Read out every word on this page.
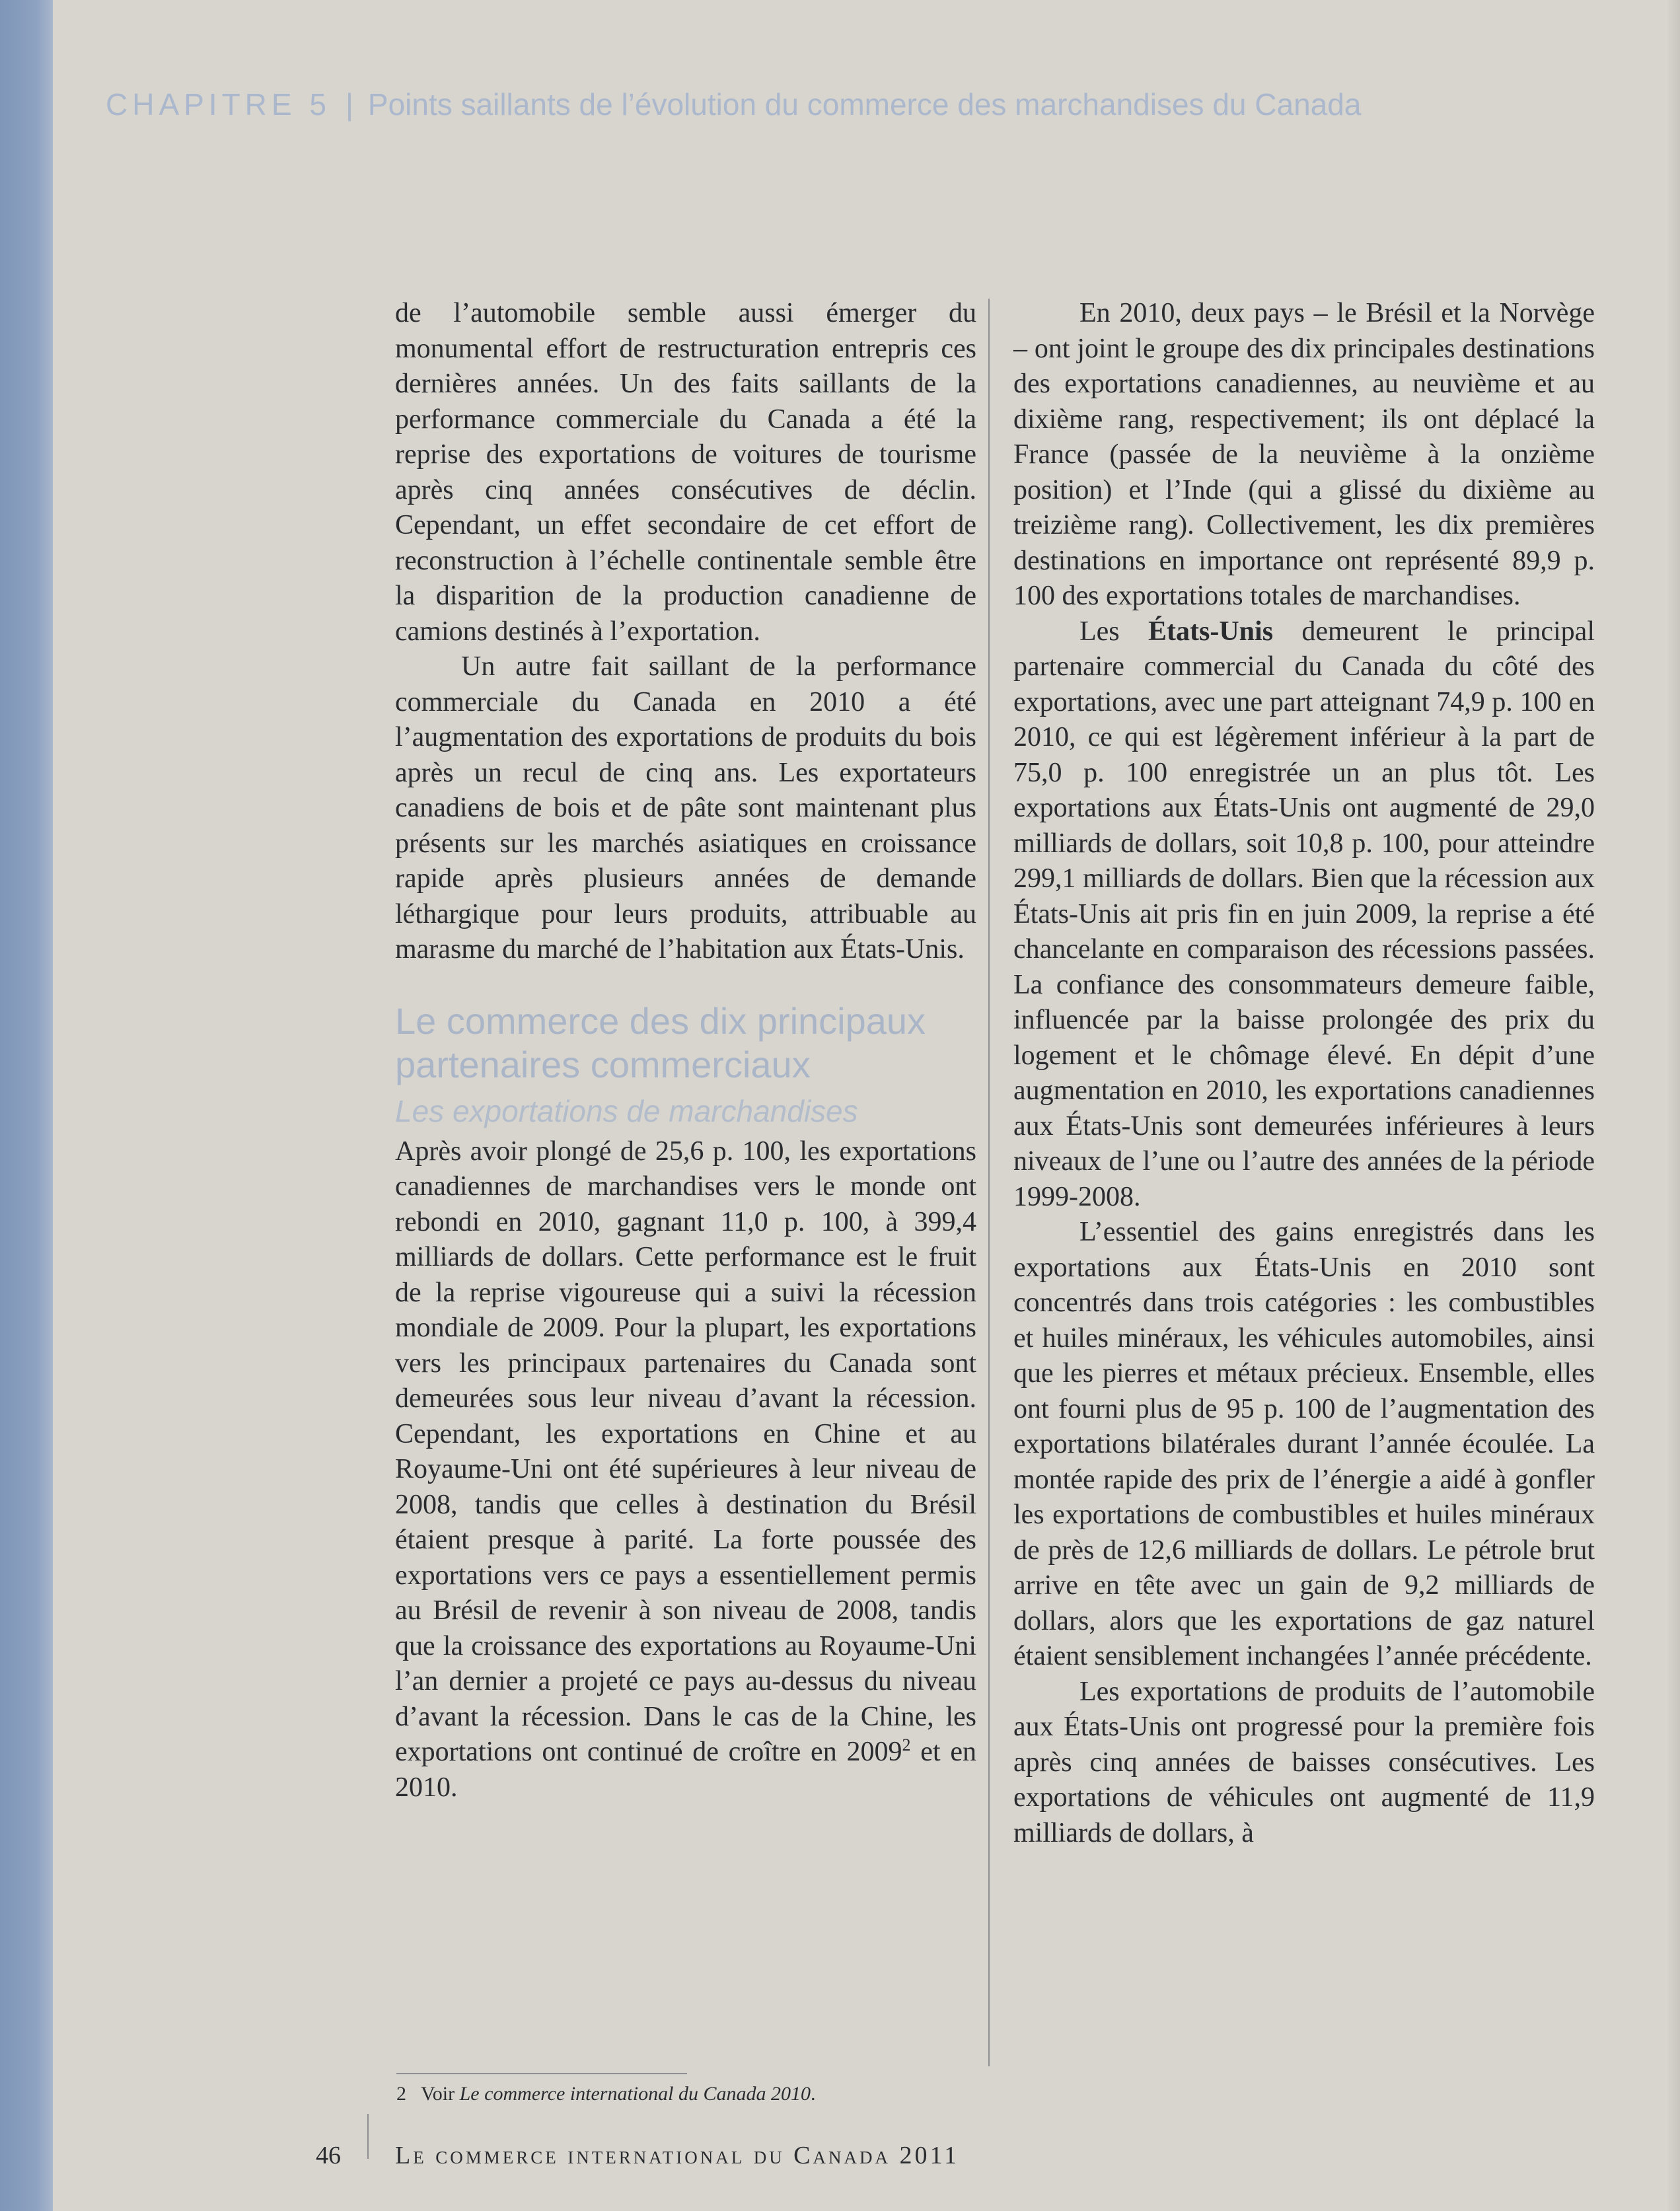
CHAPITRE 5 | Points saillants de l’évolution du commerce des marchandises du Canada

de l’automobile semble aussi émerger du monumental effort de restructuration entrepris ces dernières années. Un des faits saillants de la performance commerciale du Canada a été la reprise des exportations de voitures de tourisme après cinq années consécutives de déclin. Cependant, un effet secondaire de cet effort de reconstruction à l’échelle continentale semble être la disparition de la production canadienne de camions destinés à l’exportation.

Un autre fait saillant de la performance commerciale du Canada en 2010 a été l’augmentation des exportations de produits du bois après un recul de cinq ans. Les exportateurs canadiens de bois et de pâte sont maintenant plus présents sur les marchés asiatiques en croissance rapide après plusieurs années de demande léthargique pour leurs produits, attribuable au marasme du marché de l’habitation aux États-Unis.

Le commerce des dix principaux partenaires commerciaux
Les exportations de marchandises

Après avoir plongé de 25,6 p. 100, les exportations canadiennes de marchandises vers le monde ont rebondi en 2010, gagnant 11,0 p. 100, à 399,4 milliards de dollars. Cette performance est le fruit de la reprise vigoureuse qui a suivi la récession mondiale de 2009. Pour la plupart, les exportations vers les principaux partenaires du Canada sont demeurées sous leur niveau d’avant la récession. Cependant, les exportations en Chine et au Royaume-Uni ont été supérieures à leur niveau de 2008, tandis que celles à destination du Brésil étaient presque à parité. La forte poussée des exportations vers ce pays a essentiellement permis au Brésil de revenir à son niveau de 2008, tandis que la croissance des exportations au Royaume-Uni l’an dernier a projeté ce pays au-dessus du niveau d’avant la récession. Dans le cas de la Chine, les exportations ont continué de croître en 2009$^2$ et en 2010.

En 2010, deux pays – le Brésil et la Norvège – ont joint le groupe des dix principales destinations des exportations canadiennes, au neuvième et au dixième rang, respectivement; ils ont déplacé la France (passée de la neuvième à la onzième position) et l’Inde (qui a glissé du dixième au treizième rang). Collectivement, les dix premières destinations en importance ont représenté 89,9 p. 100 des exportations totales de marchandises.

Les États-Unis demeurent le principal partenaire commercial du Canada du côté des exportations, avec une part atteignant 74,9 p. 100 en 2010, ce qui est légèrement inférieur à la part de 75,0 p. 100 enregistrée un an plus tôt. Les exportations aux États-Unis ont augmenté de 29,0 milliards de dollars, soit 10,8 p. 100, pour atteindre 299,1 milliards de dollars. Bien que la récession aux États-Unis ait pris fin en juin 2009, la reprise a été chancelante en comparaison des récessions passées. La confiance des consommateurs demeure faible, influencée par la baisse prolongée des prix du logement et le chômage élevé. En dépit d’une augmentation en 2010, les exportations canadiennes aux États-Unis sont demeurées inférieures à leurs niveaux de l’une ou l’autre des années de la période 1999-2008.

L’essentiel des gains enregistrés dans les exportations aux États-Unis en 2010 sont concentrés dans trois catégories : les combustibles et huiles minéraux, les véhicules automobiles, ainsi que les pierres et métaux précieux. Ensemble, elles ont fourni plus de 95 p. 100 de l’augmentation des exportations bilatérales durant l’année écoulée. La montée rapide des prix de l’énergie a aidé à gonfler les exportations de combustibles et huiles minéraux de près de 12,6 milliards de dollars. Le pétrole brut arrive en tête avec un gain de 9,2 milliards de dollars, alors que les exportations de gaz naturel étaient sensiblement inchangées l’année précédente.

Les exportations de produits de l’automobile aux États-Unis ont progressé pour la première fois après cinq années de baisses consécutives. Les exportations de véhicules ont augmenté de 11,9 milliards de dollars, à

2 Voir Le commerce international du Canada 2010.
46 Le commerce international du Canada 2011
